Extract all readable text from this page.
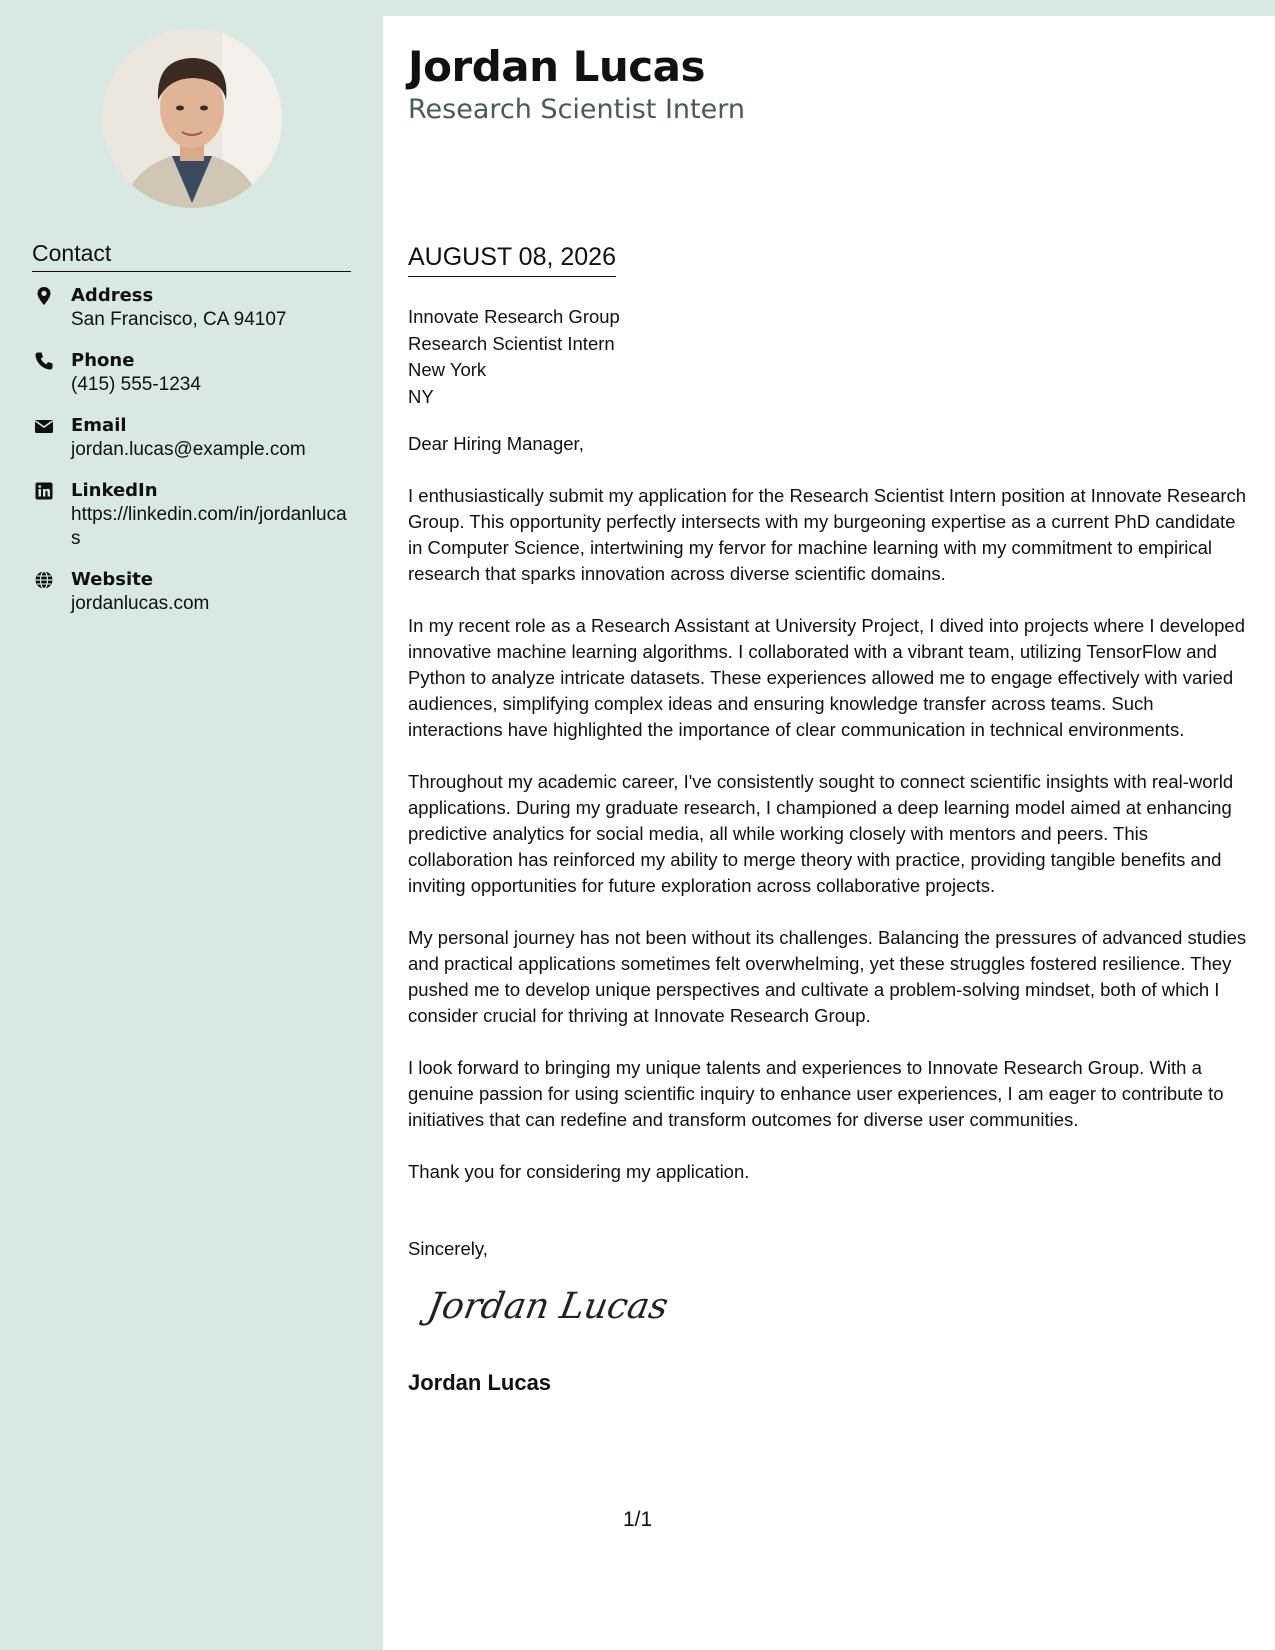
Contact
Address
San Francisco, CA 94107
Phone
(415) 555-1234
Email
jordan.lucas@example.com
LinkedIn
https://linkedin.com/in/jordanlucas
Website
jordanlucas.com
Jordan Lucas
Research Scientist Intern
AUGUST 08, 2026
Innovate Research Group
Research Scientist Intern
New York
NY

Dear Hiring Manager,

I enthusiastically submit my application for the Research Scientist Intern position at Innovate Research Group. This opportunity perfectly intersects with my burgeoning expertise as a current PhD candidate in Computer Science, intertwining my fervor for machine learning with my commitment to empirical research that sparks innovation across diverse scientific domains.

In my recent role as a Research Assistant at University Project, I dived into projects where I developed innovative machine learning algorithms. I collaborated with a vibrant team, utilizing TensorFlow and Python to analyze intricate datasets. These experiences allowed me to engage effectively with varied audiences, simplifying complex ideas and ensuring knowledge transfer across teams. Such interactions have highlighted the importance of clear communication in technical environments.

Throughout my academic career, I've consistently sought to connect scientific insights with real-world applications. During my graduate research, I championed a deep learning model aimed at enhancing predictive analytics for social media, all while working closely with mentors and peers. This collaboration has reinforced my ability to merge theory with practice, providing tangible benefits and inviting opportunities for future exploration across collaborative projects.

My personal journey has not been without its challenges. Balancing the pressures of advanced studies and practical applications sometimes felt overwhelming, yet these struggles fostered resilience. They pushed me to develop unique perspectives and cultivate a problem-solving mindset, both of which I consider crucial for thriving at Innovate Research Group.

I look forward to bringing my unique talents and experiences to Innovate Research Group. With a genuine passion for using scientific inquiry to enhance user experiences, I am eager to contribute to initiatives that can redefine and transform outcomes for diverse user communities.

Thank you for considering my application.

Sincerely,
Jordan Lucas
Jordan Lucas
1/1
